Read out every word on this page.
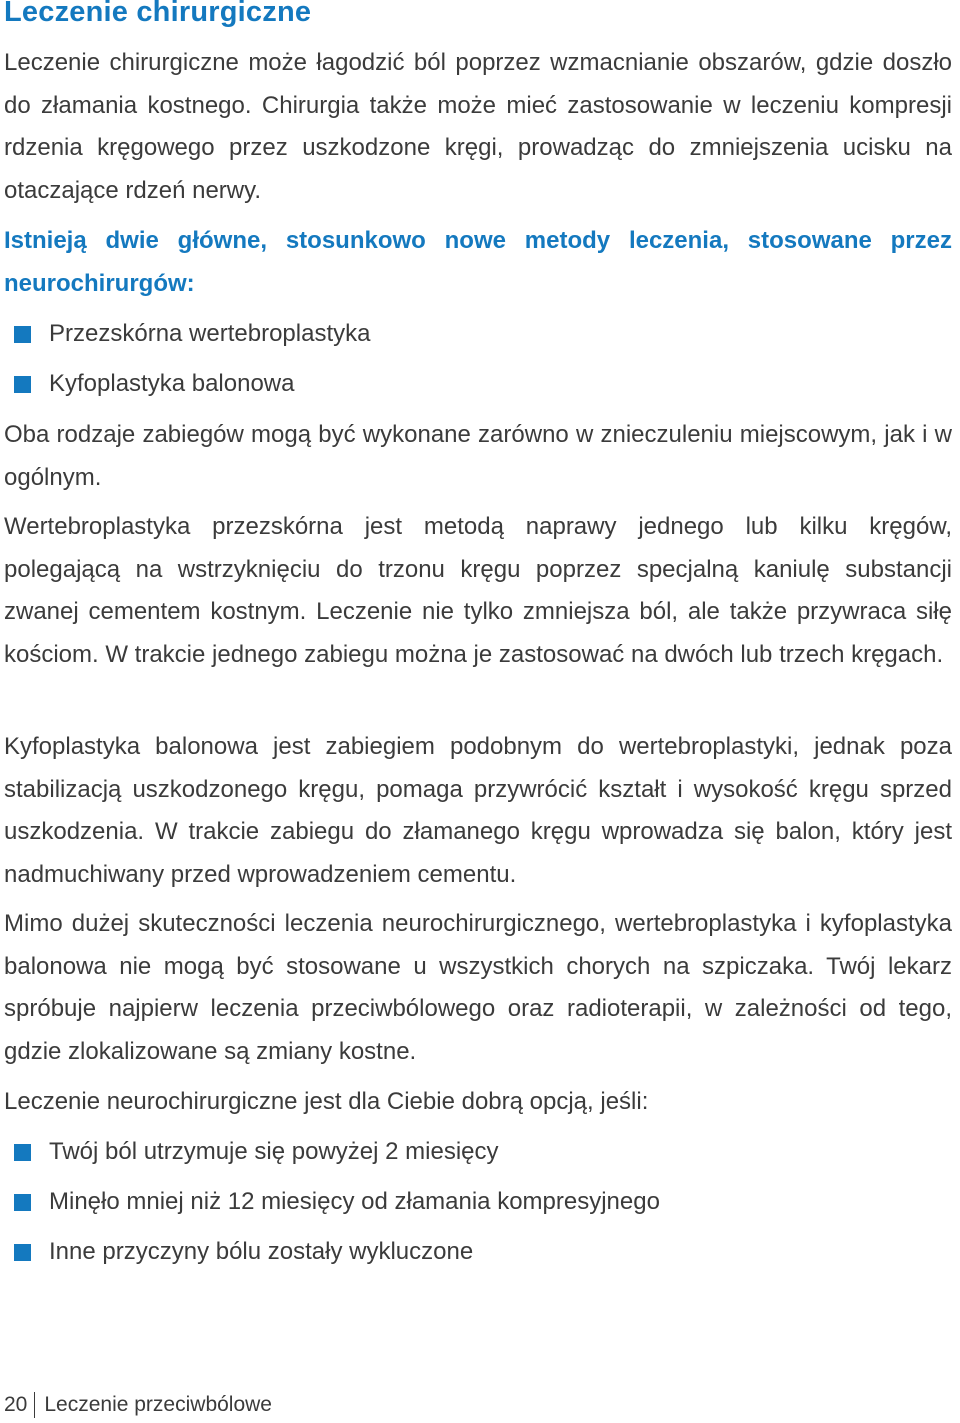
Leczenie chirurgiczne

Leczenie chirurgiczne może łagodzić ból poprzez wzmacnianie obszarów, gdzie doszło do złamania kostnego. Chirurgia także może mieć zastosowanie w leczeniu kompresji rdzenia kręgowego przez uszkodzone kręgi, prowadząc do zmniejszenia ucisku na otaczające rdzeń nerwy.

Istnieją dwie główne, stosunkowo nowe metody leczenia, stosowane przez neurochirurgów:

Przezskórna wertebroplastyka
Kyfoplastyka balonowa

Oba rodzaje zabiegów mogą być wykonane zarówno w znieczuleniu miejscowym, jak i w ogólnym.

Wertebroplastyka przezskórna jest metodą naprawy jednego lub kilku kręgów, polegającą na wstrzyknięciu do trzonu kręgu poprzez specjalną kaniulę substancji zwanej cementem kostnym. Leczenie nie tylko zmniejsza ból, ale także przywraca siłę kościom. W trakcie jednego zabiegu można je zastosować na dwóch lub trzech kręgach.

Kyfoplastyka balonowa jest zabiegiem podobnym do wertebroplastyki, jednak poza stabilizacją uszkodzonego kręgu, pomaga przywrócić kształt i wysokość kręgu sprzed uszkodzenia. W trakcie zabiegu do złamanego kręgu wprowadza się balon, który jest nadmuchiwany przed wprowadzeniem cementu.

Mimo dużej skuteczności leczenia neurochirurgicznego, wertebroplastyka i kyfoplastyka balonowa nie mogą być stosowane u wszystkich chorych na szpiczaka. Twój lekarz spróbuje najpierw leczenia przeciwbólowego oraz radioterapii, w zależności od tego, gdzie zlokalizowane są zmiany kostne.

Leczenie neurochirurgiczne jest dla Ciebie dobrą opcją, jeśli:

Twój ból utrzymuje się powyżej 2 miesięcy
Minęło mniej niż 12 miesięcy od złamania kompresyjnego
Inne przyczyny bólu zostały wykluczone
20 Leczenie przeciwbólowe
